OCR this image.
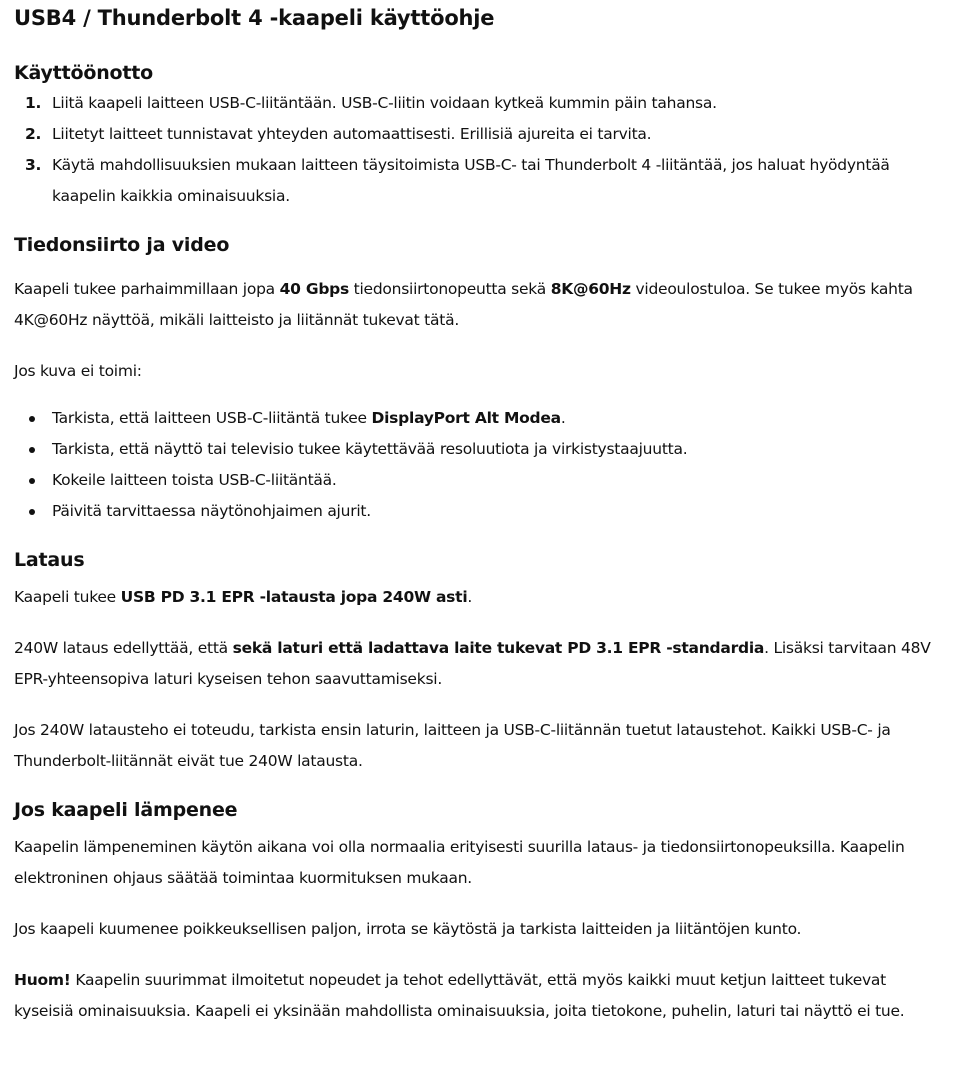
USB4 / Thunderbolt 4 -kaapeli käyttöohje
Käyttöönotto
1. Liitä kaapeli laitteen USB-C-liitäntään. USB-C-liitin voidaan kytkeä kummin päin tahansa.
2. Liitetyt laitteet tunnistavat yhteyden automaattisesti. Erillisiä ajureita ei tarvita.
3. Käytä mahdollisuuksien mukaan laitteen täysitoimista USB-C- tai Thunderbolt 4 -liitäntää, jos haluat hyödyntää kaapelin kaikkia ominaisuuksia.
Tiedonsiirto ja video

Kaapeli tukee parhaimmillaan jopa 40 Gbps tiedonsiirtonopeutta sekä 8K@60Hz videoulostuloa. Se tukee myös kahta 4K@60Hz näyttöä, mikäli laitteisto ja liitännät tukevat tätä.

Jos kuva ei toimi:

Tarkista, että laitteen USB-C-liitäntä tukee DisplayPort Alt Modea.
Tarkista, että näyttö tai televisio tukee käytettävää resoluutiota ja virkistystaajuutta.
Kokeile laitteen toista USB-C-liitäntää.
Päivitä tarvittaessa näytönohjaimen ajurit.
Lataus

Kaapeli tukee USB PD 3.1 EPR -latausta jopa 240W asti.

240W lataus edellyttää, että sekä laturi että ladattava laite tukevat PD 3.1 EPR -standardia. Lisäksi tarvitaan 48V EPR-yhteensopiva laturi kyseisen tehon saavuttamiseksi.

Jos 240W latausteho ei toteudu, tarkista ensin laturin, laitteen ja USB-C-liitännän tuetut lataustehot. Kaikki USB-C- ja Thunderbolt-liitännät eivät tue 240W latausta.

Jos kaapeli lämpenee

Kaapelin lämpeneminen käytön aikana voi olla normaalia erityisesti suurilla lataus- ja tiedonsiirtonopeuksilla. Kaapelin elektroninen ohjaus säätää toimintaa kuormituksen mukaan.

Jos kaapeli kuumenee poikkeuksellisen paljon, irrota se käytöstä ja tarkista laitteiden ja liitäntöjen kunto.

Huom! Kaapelin suurimmat ilmoitetut nopeudet ja tehot edellyttävät, että myös kaikki muut ketjun laitteet tukevat kyseisiä ominaisuuksia. Kaapeli ei yksinään mahdollista ominaisuuksia, joita tietokone, puhelin, laturi tai näyttö ei tue.
